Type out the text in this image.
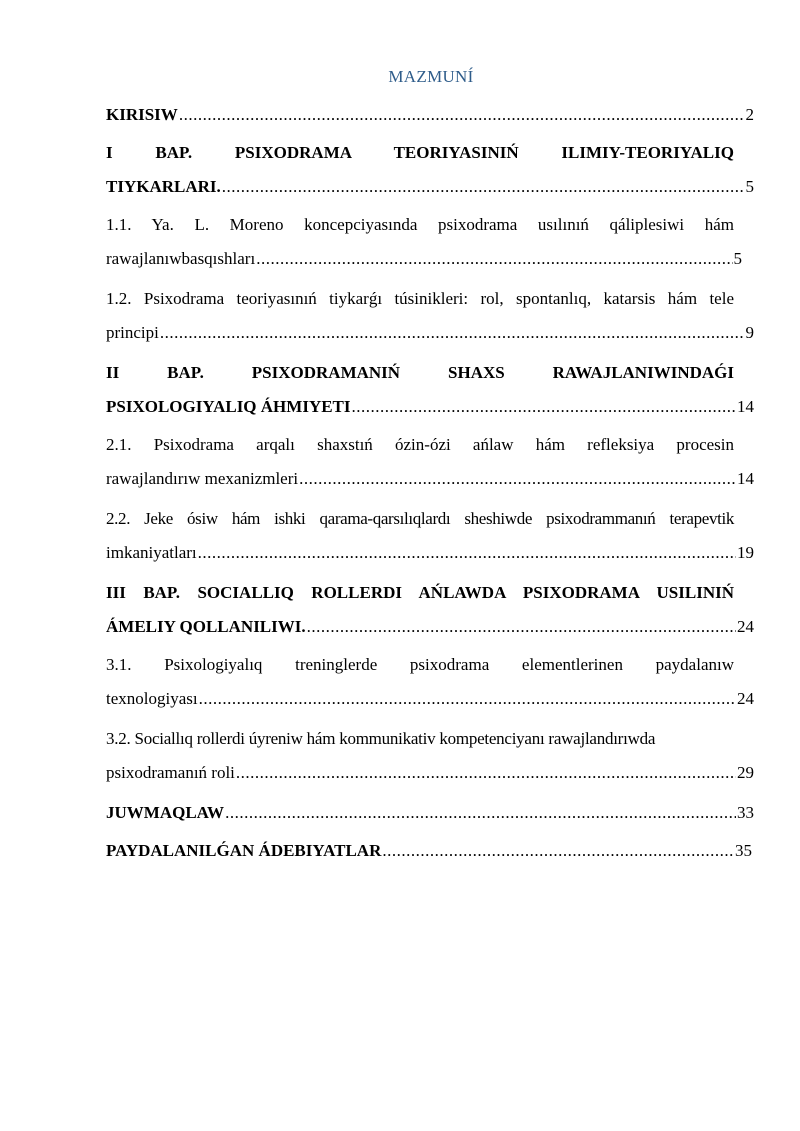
MAZMUNÍ
KIRISIW .....	2
I BAP. PSIXODRAMA TEORIYASINIŃ ILIMIY-TEORIYALIQ
TIYKARLARI. .....	5
1.1. Ya. L. Moreno koncepciyasında psixodrama usılınıń qáliplesiwi hám
rawajlanıwbasqıshları .....	5
1.2. Psixodrama teoriyasınıń tiykarǵı túsinikleri: rol, spontanlıq, katarsis hám tele
principi .....	9
II BAP. PSIXODRAMANIŃ SHAXS RAWAJLANIWINDAǴI
PSIXOLOGIYALIQ ÁHMIYETI .....	14
2.1. Psixodrama arqalı shaxstıń ózin-ózi ańlaw hám refleksiya procesin
rawajlandırıw mexanizmleri .....	14
2.2. Jeke ósiw hám ishki qarama-qarsılıqlardı sheshiwde psixodrammanıń terapevtik
imkaniyatları .....	19
III BAP. SOCIALLIQ ROLLERDI AŃLAWDA PSIXODRAMA USILINIŃ
ÁMELIY QOLLANILIWI. .....	24
3.1. Psixologiyalıq treninglerde psixodrama elementlerinen paydalanıw
texnologiyası .....	24
3.2. Sociallıq rollerdi úyreniw hám kommunikativ kompetenciyanı rawajlandırıwda
psixodramanıń roli .....	29
JUWMAQLAW .....	33
PAYDALANILǴAN ÁDEBIYATLAR .....	35
